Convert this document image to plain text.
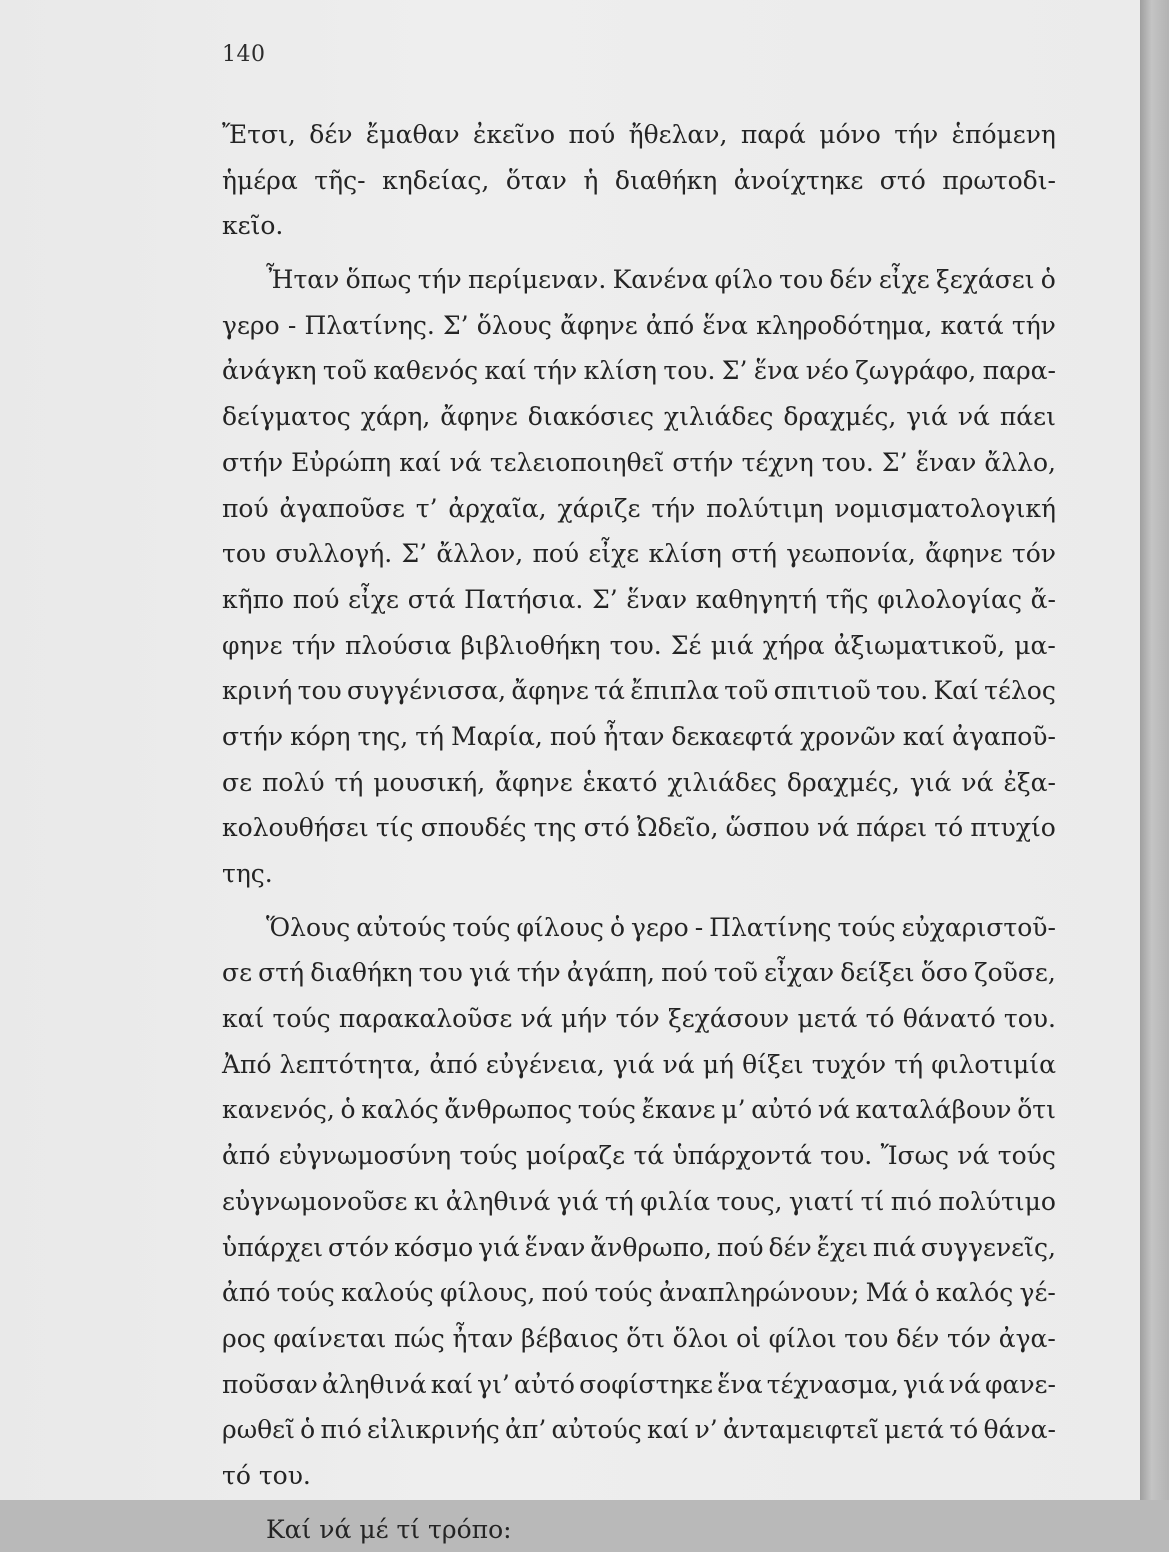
140
Ἔτσι, δέν ἔμαθαν ἐκεῖνο πού ἤθελαν, παρά μόνο τήν ἑπόμενη
ἡμέρα τῆς- κηδείας, ὅταν ἡ διαθήκη ἀνοίχτηκε στό πρωτοδι-
κεῖο.
Ἦταν ὅπως τήν περίμεναν. Κανένα φίλο του δέν εἶχε ξεχάσει ὁ
γερο - Πλατίνης. Σ’ ὅλους ἄφηνε ἀπό ἕνα κληροδότημα, κατά τήν
ἀνάγκη τοῦ καθενός καί τήν κλίση του. Σ’ ἕνα νέο ζωγράφο, παρα-
δείγματος χάρη, ἄφηνε διακόσιες χιλιάδες δραχμές, γιά νά πάει
στήν Εὐρώπη καί νά τελειοποιηθεῖ στήν τέχνη του. Σ’ ἕναν ἄλλο,
πού ἀγαποῦσε τ’ ἀρχαῖα, χάριζε τήν πολύτιμη νομισματολογική
του συλλογή. Σ’ ἄλλον, πού εἶχε κλίση στή γεωπονία, ἄφηνε τόν
κῆπο πού εἶχε στά Πατήσια. Σ’ ἕναν καθηγητή τῆς φιλολογίας ἄ-
φηνε τήν πλούσια βιβλιοθήκη του. Σέ μιά χήρα ἀξιωματικοῦ, μα-
κρινή του συγγένισσα, ἄφηνε τά ἔπιπλα τοῦ σπιτιοῦ του. Καί τέλος
στήν κόρη της, τή Μαρία, πού ἦταν δεκαεφτά χρονῶν καί ἀγαποῦ-
σε πολύ τή μουσική, ἄφηνε ἑκατό χιλιάδες δραχμές, γιά νά ἐξα-
κολουθήσει τίς σπουδές της στό Ὠδεῖο, ὥσπου νά πάρει τό πτυχίο
της.
Ὅλους αὐτούς τούς φίλους ὁ γερο - Πλατίνης τούς εὐχαριστοῦ-
σε στή διαθήκη του γιά τήν ἀγάπη, πού τοῦ εἶχαν δείξει ὅσο ζοῦσε,
καί τούς παρακαλοῦσε νά μήν τόν ξεχάσουν μετά τό θάνατό του.
Ἀπό λεπτότητα, ἀπό εὐγένεια, γιά νά μή θίξει τυχόν τή φιλοτιμία
κανενός, ὁ καλός ἄνθρωπος τούς ἔκανε μ’ αὐτό νά καταλάβουν ὅτι
ἀπό εὐγνωμοσύνη τούς μοίραζε τά ὑπάρχοντά του. Ἴσως νά τούς
εὐγνωμονοῦσε κι ἀληθινά γιά τή φιλία τους, γιατί τί πιό πολύτιμο
ὑπάρχει στόν κόσμο γιά ἕναν ἄνθρωπο, πού δέν ἔχει πιά συγγενεῖς,
ἀπό τούς καλούς φίλους, πού τούς ἀναπληρώνουν; Μά ὁ καλός γέ-
ρος φαίνεται πώς ἦταν βέβαιος ὅτι ὅλοι οἱ φίλοι του δέν τόν ἀγα-
ποῦσαν ἀληθινά καί γι’ αὐτό σοφίστηκε ἕνα τέχνασμα, γιά νά φανε-
ρωθεῖ ὁ πιό εἰλικρινής ἀπ’ αὐτούς καί ν’ ἀνταμειφτεῖ μετά τό θάνα-
τό του.
Καί νά μέ τί τρόπο:
